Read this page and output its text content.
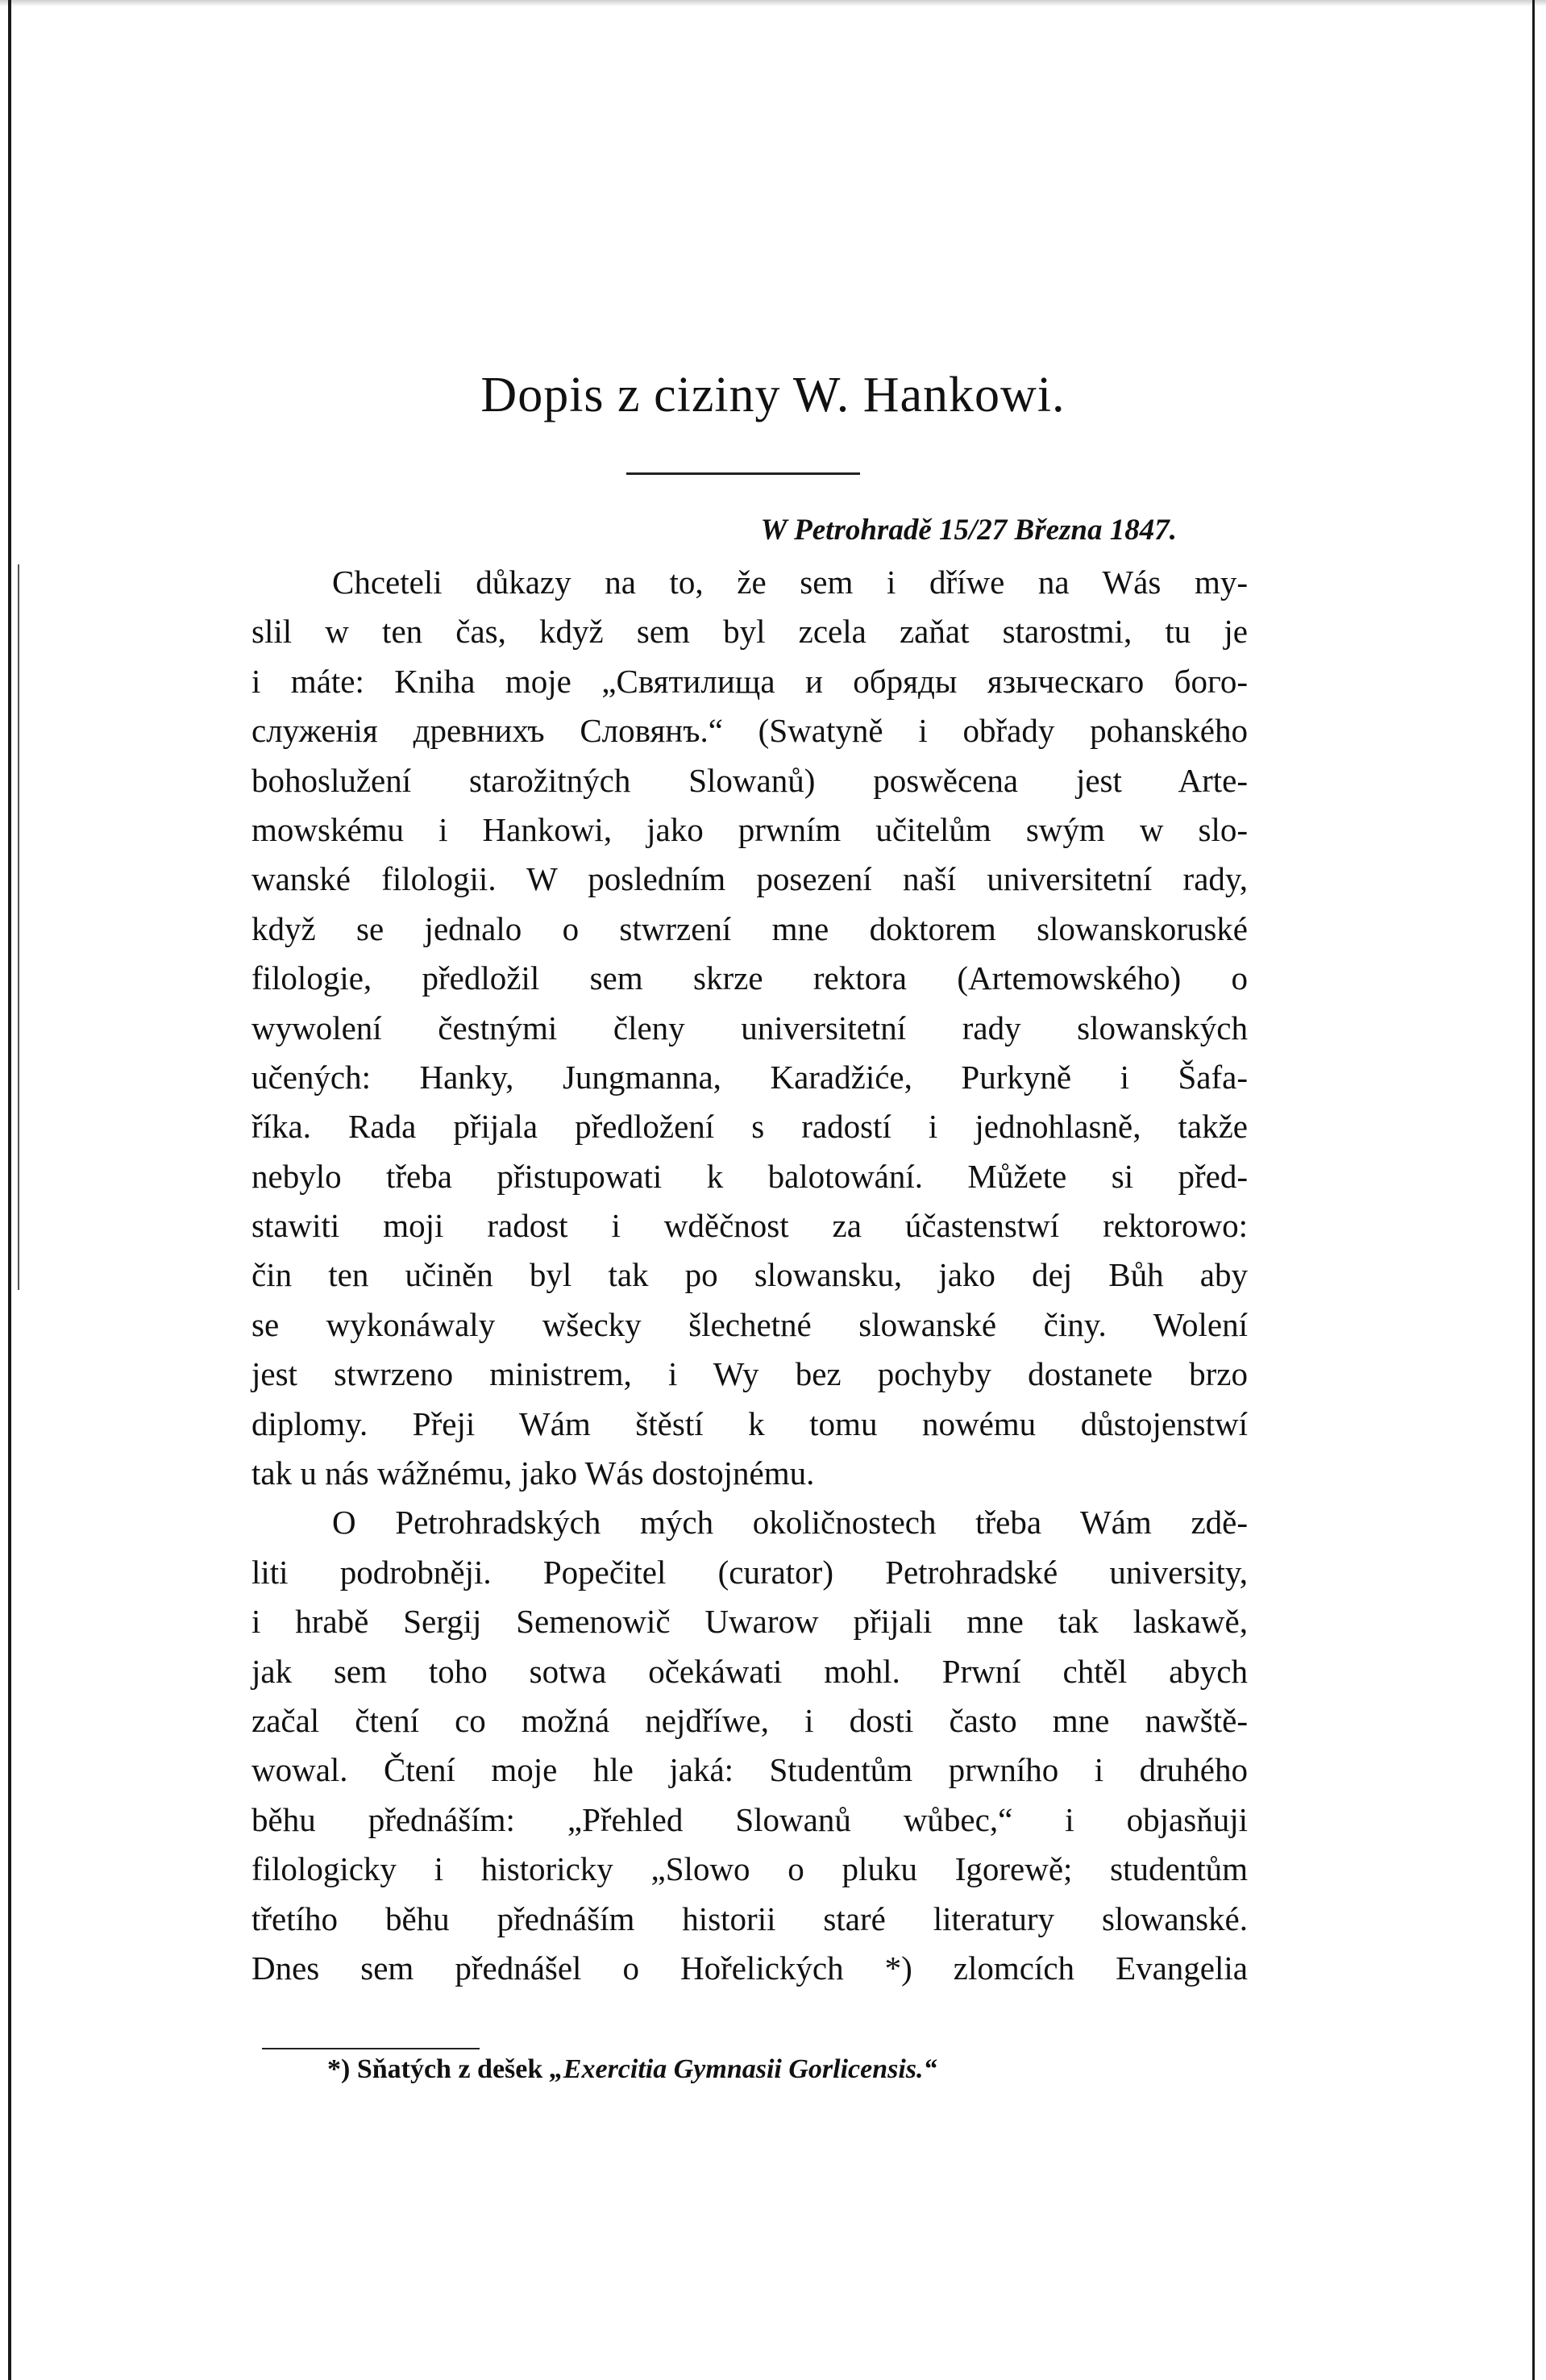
Dopis z ciziny W. Hankowi.
W Petrohradě 15/27 Března 1847.
Chceteli důkazy na to, že sem i dříwe na Wás my-
slil w ten čas, když sem byl zcela zaňat starostmi, tu je
i máte: Kniha moje „Святилища и обряды языческаго бого-
служенія древнихъ Словянъ.“ (Swatyně i obřady pohanského
bohoslužení starožitných Slowanů) poswěcena jest Arte-
mowskému i Hankowi, jako prwním učitelům swým w slo-
wanské filologii. W posledním posezení naší universitetní rady,
když se jednalo o stwrzení mne doktorem slowanskoruské
filologie, předložil sem skrze rektora (Artemowského) o
wywolení čestnými členy universitetní rady slowanských
učených: Hanky, Jungmanna, Karadžiće, Purkyně i Šafa-
říka. Rada přijala předložení s radostí i jednohlasně, takže
nebylo třeba přistupowati k balotowání. Můžete si před-
stawiti moji radost i wděčnost za účastenstwí rektorowo:
čin ten učiněn byl tak po slowansku, jako dej Bůh aby
se wykonáwaly wšecky šlechetné slowanské činy. Wolení
jest stwrzeno ministrem, i Wy bez pochyby dostanete brzo
diplomy. Přeji Wám štěstí k tomu nowému důstojenstwí
tak u nás wážnému, jako Wás dostojnému.
O Petrohradských mých okoličnostech třeba Wám zdě-
liti podrobněji. Popečitel (curator) Petrohradské university,
i hrabě Sergij Semenowič Uwarow přijali mne tak laskawě,
jak sem toho sotwa očekáwati mohl. Prwní chtěl abych
začal čtení co možná nejdříwe, i dosti často mne nawště-
wowal. Čtení moje hle jaká: Studentům prwního i druhého
běhu přednáším: „Přehled Slowanů wůbec,“ i objasňuji
filologicky i historicky „Slowo o pluku Igorewě; studentům
třetího běhu přednáším historii staré literatury slowanské.
Dnes sem přednášel o Hořelických *) zlomcích Evangelia
*) Sňatých z dešek „Exercitia Gymnasii Gorlicensis.“
